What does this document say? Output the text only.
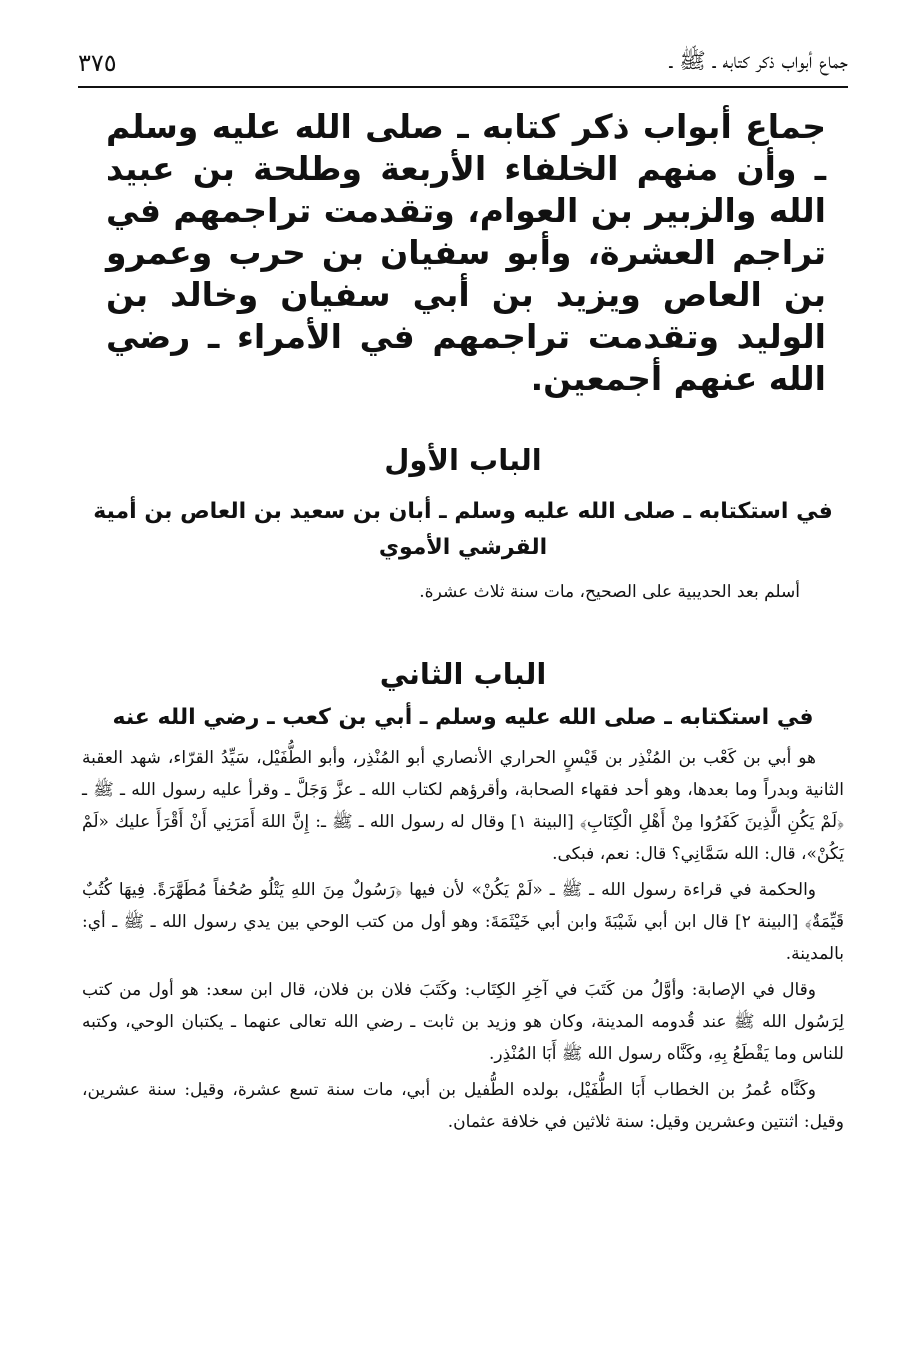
جماع أبواب ذكر كتابه ـ ﷺ ـ
٣٧٥

جماع أبواب ذكر كتابه ـ صلى الله عليه وسلم ـ وأن منهم الخلفاء الأربعة وطلحة بن عبيد الله والزبير بن العوام، وتقدمت تراجمهم في تراجم العشرة، وأبو سفيان بن حرب وعمرو بن العاص ويزيد بن أبي سفيان وخالد بن الوليد وتقدمت تراجمهم في الأمراء ـ رضي الله عنهم أجمعين.

الباب الأول
في استكتابه ـ صلى الله عليه وسلم ـ أبان بن سعيد بن العاص بن أمية القرشي الأموي

أسلم بعد الحديبية على الصحيح، مات سنة ثلاث عشرة.

الباب الثاني
في استكتابه ـ صلى الله عليه وسلم ـ أبي بن كعب ـ رضي الله عنه

هو أبي بن كَعْب بن المُنْذِر بن قَيْسٍ الحراري الأنصاري أبو المُنْذِر، وأبو الطُّفَيْل، سَيِّدُ القرّاء، شهد العقبة الثانية وبدراً وما بعدها، وهو أحد فقهاء الصحابة، وأقرؤهم لكتاب الله ـ عزَّ وَجَلَّ ـ وقرأ عليه رسول الله ـ ﷺ ـ ﴿لَمْ يَكُنِ الَّذِينَ كَفَرُوا مِنْ أَهْلِ الْكِتَابِ﴾ [البينة ١] وقال له رسول الله ـ ﷺ ـ: إِنَّ اللهَ أَمَرَنِي أَنْ أَقْرَأَ عليك «لَمْ يَكُنْ»، قال: الله سَمَّانِي؟ قال: نعم، فبكى.

والحكمة في قراءة رسول الله ـ ﷺ ـ «لَمْ يَكُنْ» لأن فيها ﴿رَسُولٌ مِنَ اللهِ يَتْلُو صُحُفاً مُطَهَّرَةً. فِيهَا كُتُبٌ قَيِّمَةٌ﴾ [البينة ٢] قال ابن أبي شَيْبَةَ وابن أبي خَيْثَمَةَ: وهو أول من كتب الوحي بين يدي رسول الله ـ ﷺ ـ أي: بالمدينة.

وقال في الإصابة: وأوَّلُ من كَتَبَ في آخِرِ الكِتَاب: وكَتَبَ فلان بن فلان، قال ابن سعد: هو أول من كتب لِرَسُول الله ﷺ عند قُدومه المدينة، وكان هو وزيد بن ثابت ـ رضي الله تعالى عنهما ـ يكتبان الوحي، وكتبه للناس وما يَقْطَعُ بِهِ، وكَنَّاه رسول الله ﷺ أَبَا المُنْذِر.

وكَنَّاه عُمرُ بن الخطاب أَبَا الطُّفَيْل، بولده الطُّفيل بن أبي، مات سنة تسع عشرة، وقيل: سنة عشرين، وقيل: اثنتين وعشرين وقيل: سنة ثلاثين في خلافة عثمان.
